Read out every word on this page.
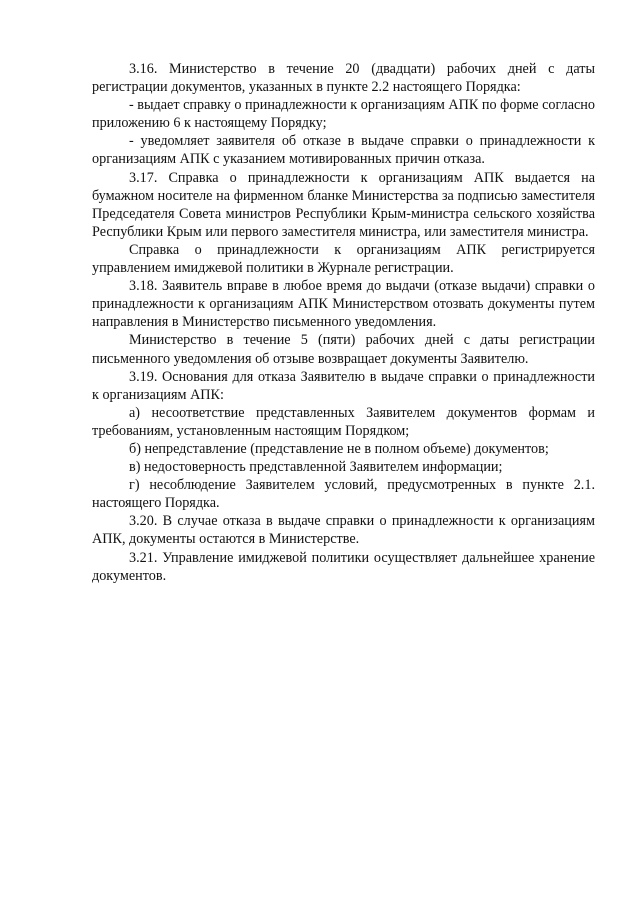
3.16. Министерство в течение 20 (двадцати) рабочих дней с даты регистрации документов, указанных в пункте 2.2 настоящего Порядка:

- выдает справку о принадлежности к организациям АПК по форме согласно приложению 6 к настоящему Порядку;

- уведомляет заявителя об отказе в выдаче справки о принадлежности к организациям АПК с указанием мотивированных причин отказа.

3.17. Справка о принадлежности к организациям АПК выдается на бумажном носителе на фирменном бланке Министерства за подписью заместителя Председателя Совета министров Республики Крым-министра сельского хозяйства Республики Крым или первого заместителя министра, или заместителя министра.

Справка о принадлежности к организациям АПК регистрируется управлением имиджевой политики в Журнале регистрации.

3.18. Заявитель вправе в любое время до выдачи (отказе выдачи) справки о принадлежности к организациям АПК Министерством отозвать документы путем направления в Министерство письменного уведомления.

Министерство в течение 5 (пяти) рабочих дней с даты регистрации письменного уведомления об отзыве возвращает документы Заявителю.

3.19. Основания для отказа Заявителю в выдаче справки о принадлежности к организациям АПК:

а) несоответствие представленных Заявителем документов формам и требованиям, установленным настоящим Порядком;

б) непредставление (представление не в полном объеме) документов;

в) недостоверность представленной Заявителем информации;

г) несоблюдение Заявителем условий, предусмотренных в пункте 2.1. настоящего Порядка.

3.20. В случае отказа в выдаче справки о принадлежности к организациям АПК, документы остаются в Министерстве.

3.21. Управление имиджевой политики осуществляет дальнейшее хранение документов.
